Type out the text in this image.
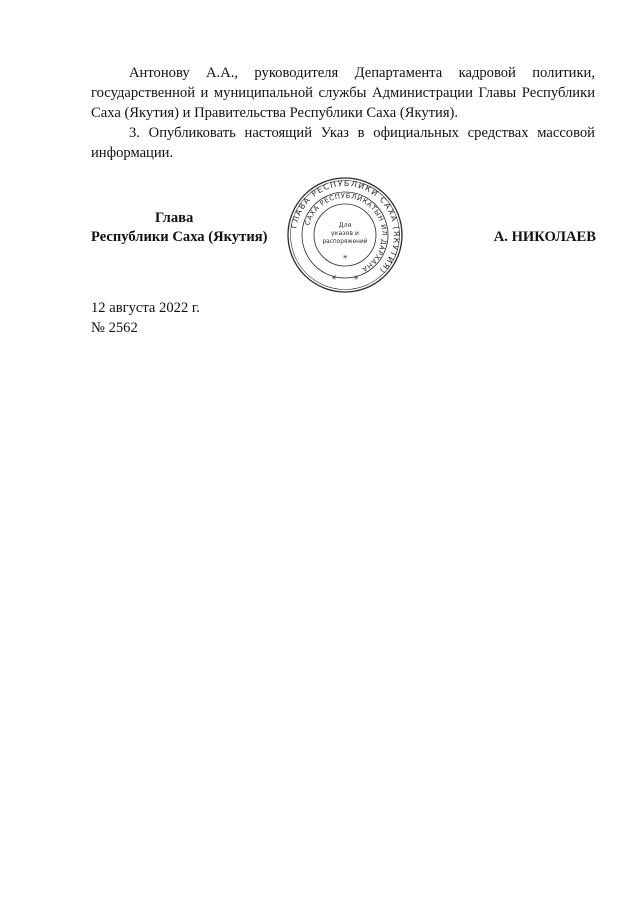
Антонову А.А., руководителя Департамента кадровой политики, государственной и муниципальной службы Администрации Главы Республики Саха (Якутия) и Правительства Республики Саха (Якутия).

3. Опубликовать настоящий Указ в официальных средствах массовой информации.

Глава
Республики Саха (Якутия)
ГЛАВА РЕСПУБЛИКИ САХА (ЯКУТИЯ)
САХА РЕСПУБЛИКАТЫН ИЛ ДАРХАНА
Для
указов и
распоряжений
✳ ✳
✳
А. НИКОЛАЕВ
12 августа 2022 г.
№ 2562
